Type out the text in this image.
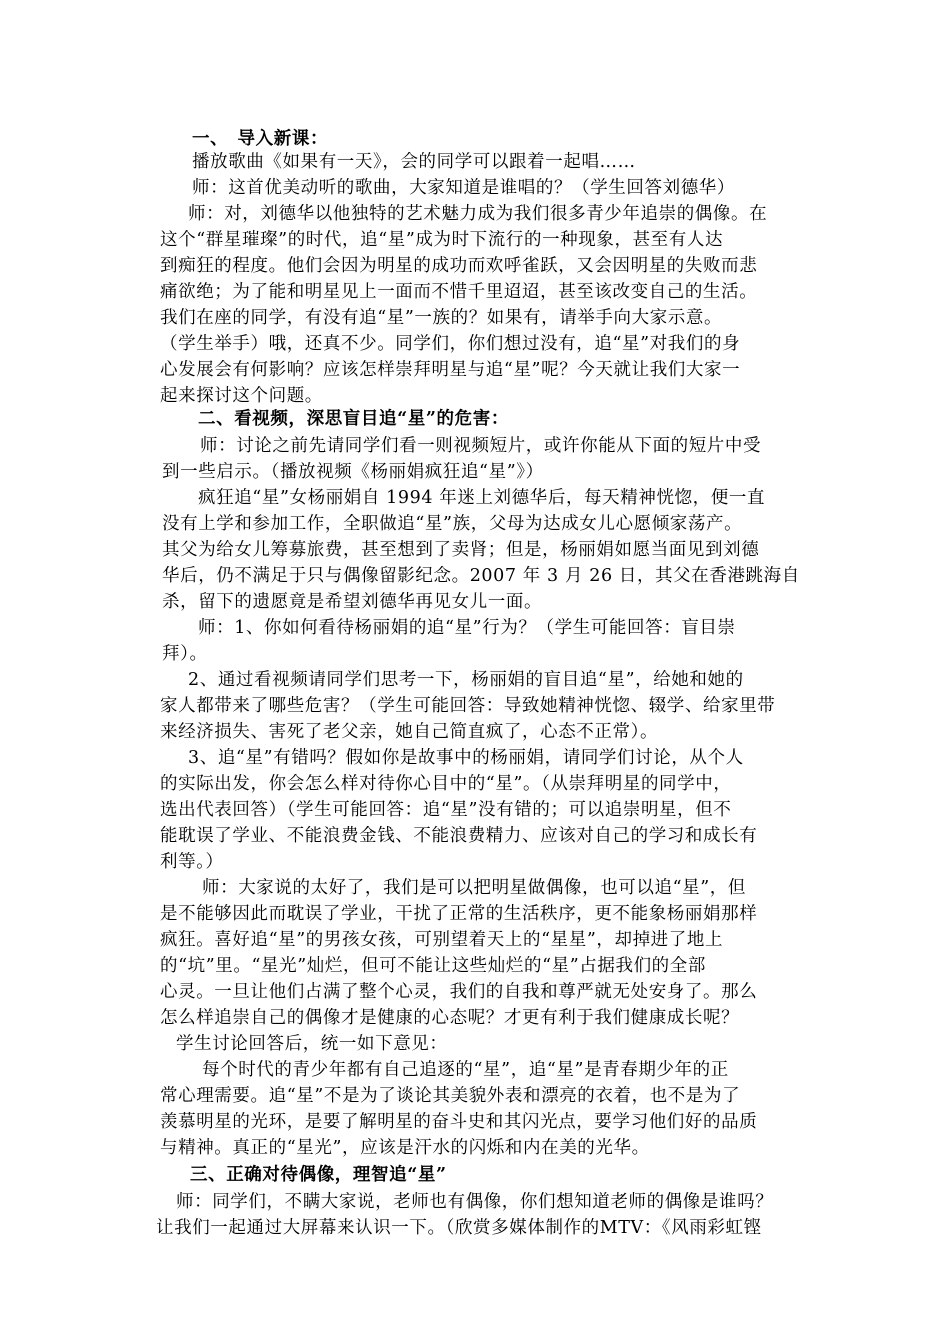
一、　导入新课：
播放歌曲《如果有一天》，会的同学可以跟着一起唱……
师：这首优美动听的歌曲，大家知道是谁唱的？（学生回答刘德华）
师：对，刘德华以他独特的艺术魅力成为我们很多青少年追崇的偶像。在
这个“群星璀璨”的时代，追“星”成为时下流行的一种现象，甚至有人达
到痴狂的程度。他们会因为明星的成功而欢呼雀跃，又会因明星的失败而悲
痛欲绝；为了能和明星见上一面而不惜千里迢迢，甚至该改变自己的生活。
我们在座的同学，有没有追“星”一族的？如果有，请举手向大家示意。
（学生举手）哦，还真不少。同学们，你们想过没有，追“星”对我们的身
心发展会有何影响？应该怎样崇拜明星与追“星”呢？今天就让我们大家一
起来探讨这个问题。
二、看视频，深思盲目追“星”的危害：
师：讨论之前先请同学们看一则视频短片，或许你能从下面的短片中受
到一些启示。（播放视频《杨丽娟疯狂追“星”》）
疯狂追“星”女杨丽娟自 1994 年迷上刘德华后，每天精神恍惚，便一直
没有上学和参加工作，全职做追“星”族，父母为达成女儿心愿倾家荡产。
其父为给女儿筹募旅费，甚至想到了卖肾；但是，杨丽娟如愿当面见到刘德
华后，仍不满足于只与偶像留影纪念。2007 年 3 月 26 日，其父在香港跳海自
杀，留下的遗愿竟是希望刘德华再见女儿一面。
师：1、你如何看待杨丽娟的追“星”行为？（学生可能回答：盲目崇
拜）。
2、通过看视频请同学们思考一下，杨丽娟的盲目追“星”，给她和她的
家人都带来了哪些危害？（学生可能回答：导致她精神恍惚、辍学、给家里带
来经济损失、害死了老父亲，她自己简直疯了，心态不正常）。
3、追“星”有错吗？假如你是故事中的杨丽娟，请同学们讨论，从个人
的实际出发，你会怎么样对待你心目中的“星”。（从崇拜明星的同学中，
选出代表回答）（学生可能回答：追“星”没有错的；可以追崇明星，但不
能耽误了学业、不能浪费金钱、不能浪费精力、应该对自己的学习和成长有
利等。）
师：大家说的太好了，我们是可以把明星做偶像，也可以追“星”，但
是不能够因此而耽误了学业，干扰了正常的生活秩序，更不能象杨丽娟那样
疯狂。喜好追“星”的男孩女孩，可别望着天上的“星星”，却掉进了地上
的“坑”里。“星光”灿烂，但可不能让这些灿烂的“星”占据我们的全部
心灵。一旦让他们占满了整个心灵，我们的自我和尊严就无处安身了。那么
怎么样追崇自己的偶像才是健康的心态呢？才更有利于我们健康成长呢？
学生讨论回答后，统一如下意见：
每个时代的青少年都有自己追逐的“星”，追“星”是青春期少年的正
常心理需要。追“星”不是为了谈论其美貌外表和漂亮的衣着，也不是为了
羡慕明星的光环，是要了解明星的奋斗史和其闪光点，要学习他们好的品质
与精神。真正的“星光”，应该是汗水的闪烁和内在美的光华。
三、正确对待偶像，理智追“星”
师：同学们，不瞒大家说，老师也有偶像，你们想知道老师的偶像是谁吗？
让我们一起通过大屏幕来认识一下。（欣赏多媒体制作的MTV：《风雨彩虹铿
